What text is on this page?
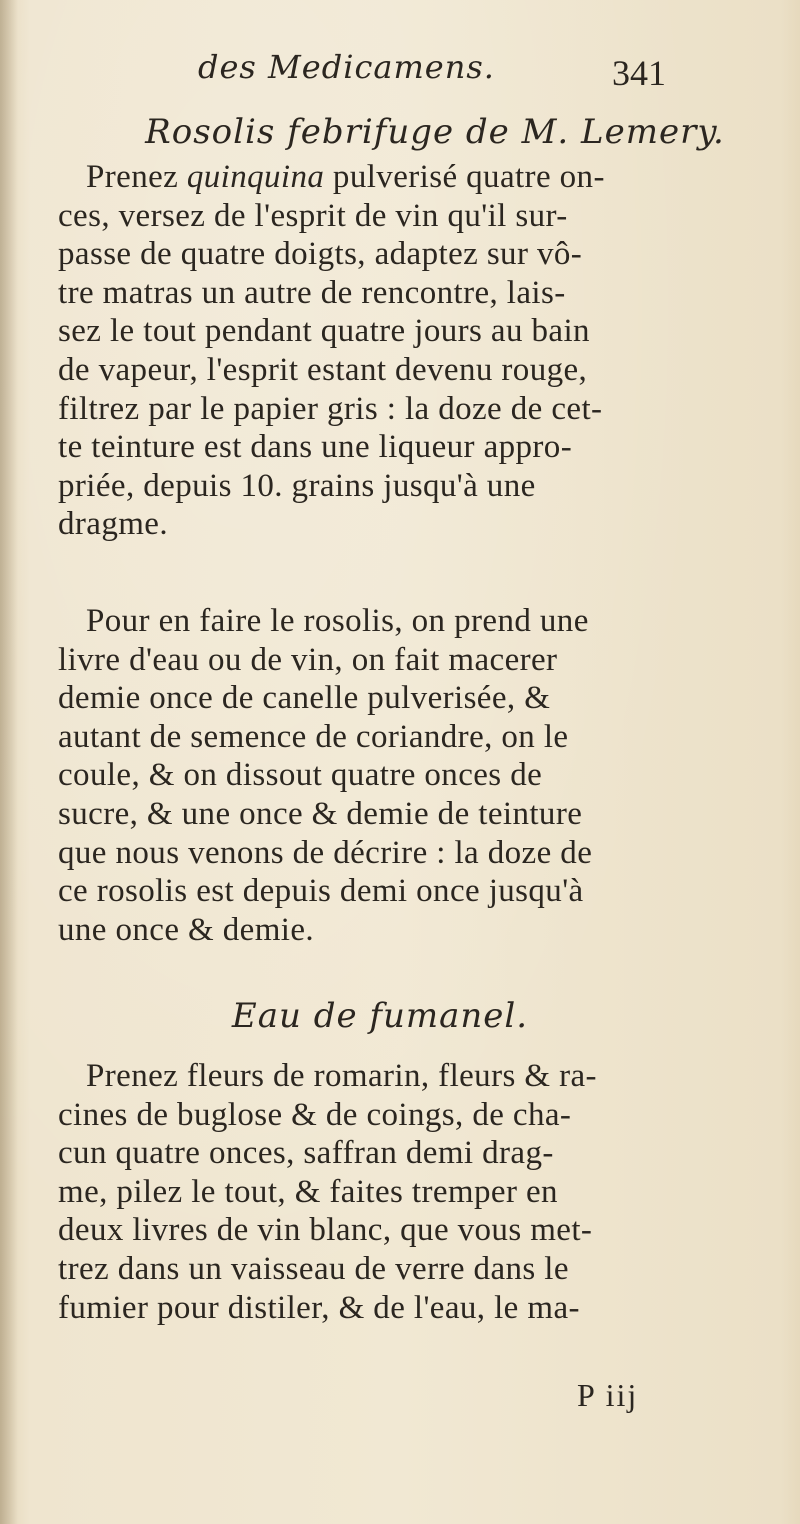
des Medicamens.	341
Rosolis febrifuge de M. Lemery.
Prenez quinquina pulverisé quatre on-
ces, versez de l'esprit de vin qu'il sur-
passe de quatre doigts, adaptez sur vô-
tre matras un autre de rencontre, lais-
sez le tout pendant quatre jours au bain
de vapeur, l'esprit estant devenu rouge,
filtrez par le papier gris : la doze de cet-
te teinture est dans une liqueur appro-
priée, depuis 10. grains jusqu'à une
dragme.
Pour en faire le rosolis, on prend une
livre d'eau ou de vin, on fait macerer
demie once de canelle pulverisée, &
autant de semence de coriandre, on le
coule, & on dissout quatre onces de
sucre, & une once & demie de teinture
que nous venons de décrire : la doze de
ce rosolis est depuis demi once jusqu'à
une once & demie.
Eau de fumanel.
Prenez fleurs de romarin, fleurs & ra-
cines de buglose & de coings, de cha-
cun quatre onces, saffran demi drag-
me, pilez le tout, & faites tremper en
deux livres de vin blanc, que vous met-
trez dans un vaisseau de verre dans le
fumier pour distiler, & de l'eau, le ma-
P iij
